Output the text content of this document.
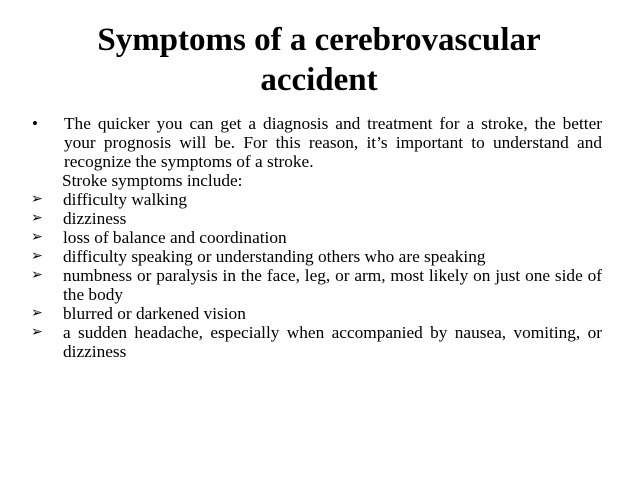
Symptoms of a cerebrovascular accident
•	The quicker you can get a diagnosis and treatment for a stroke, the better your prognosis will be. For this reason, it’s important to understand and recognize the symptoms of a stroke.
Stroke symptoms include:
➢	difficulty walking
➢	dizziness
➢	loss of balance and coordination
➢	difficulty speaking or understanding others who are speaking
➢	numbness or paralysis in the face, leg, or arm, most likely on just one side of the body
➢	blurred or darkened vision
➢	a sudden headache, especially when accompanied by nausea, vomiting, or dizziness
